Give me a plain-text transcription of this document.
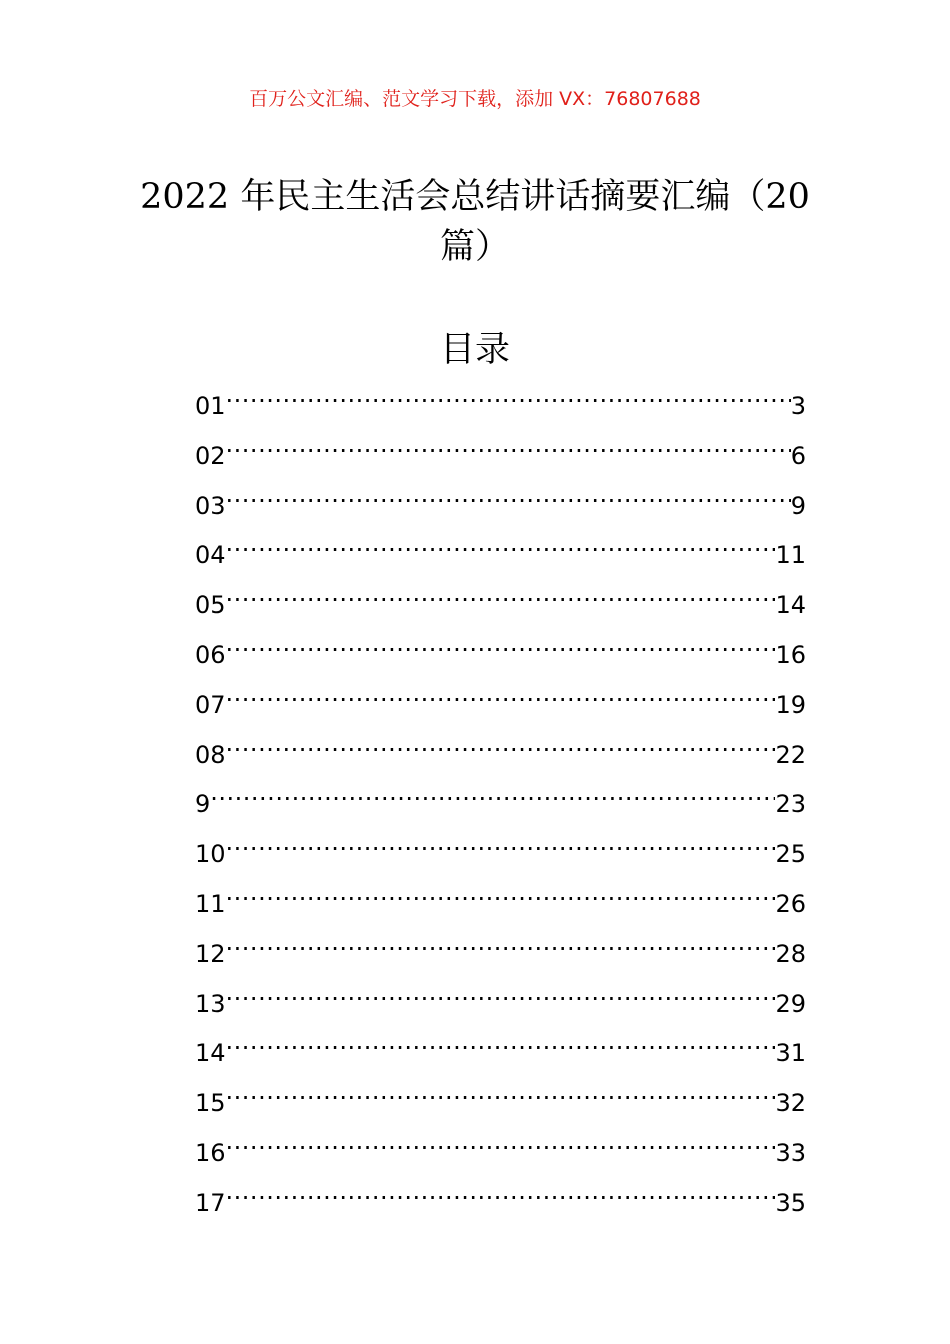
百万公文汇编、范文学习下载，添加 VX：76807688
2022 年民主生活会总结讲话摘要汇编（20 篇）
目录
01 .....	3
02 .....	6
03 .....	9
04 .....	11
05 .....	14
06 .....	16
07 .....	19
08 .....	22
9 .....	23
10 .....	25
11 .....	26
12 .....	28
13 .....	29
14 .....	31
15 .....	32
16 .....	33
17 .....	35
